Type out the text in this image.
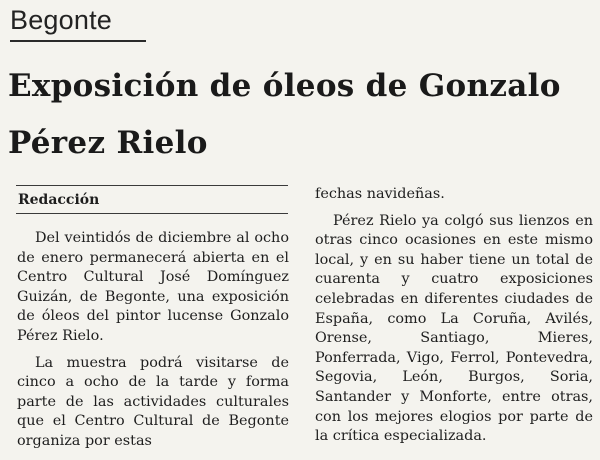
Begonte
Exposición de óleos de Gonzalo Pérez Rielo
Redacción

Del veintidós de diciembre al ocho de enero permanecerá abierta en el Centro Cultural José Domínguez Guizán, de Begonte, una exposición de óleos del pintor lucense Gonzalo Pérez Rielo.

La muestra podrá visitarse de cinco a ocho de la tarde y forma parte de las actividades culturales que el Centro Cultural de Begonte organiza por estas

fechas navideñas.

Pérez Rielo ya colgó sus lienzos en otras cinco ocasiones en este mismo local, y en su haber tiene un total de cuarenta y cuatro exposiciones celebradas en diferentes ciudades de España, como La Coruña, Avilés, Orense, Santiago, Mieres, Ponferrada, Vigo, Ferrol, Pontevedra, Segovia, León, Burgos, Soria, Santander y Monforte, entre otras, con los mejores elogios por parte de la crítica especializada.
